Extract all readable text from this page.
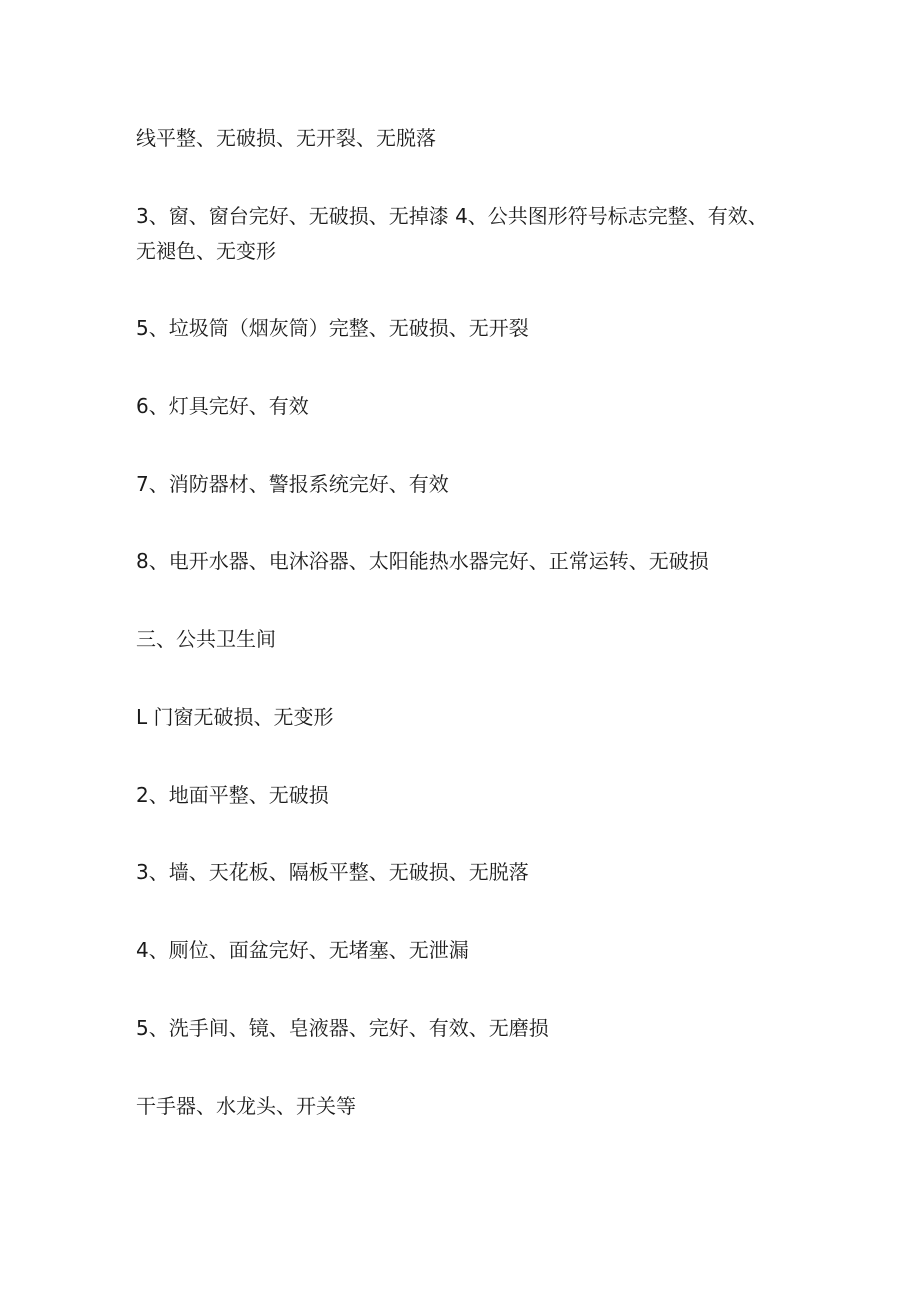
线平整、无破损、无开裂、无脱落

3、窗、窗台完好、无破损、无掉漆 4、公共图形符号标志完整、有效、无褪色、无变形

5、垃圾筒（烟灰筒）完整、无破损、无开裂

6、灯具完好、有效

7、消防器材、警报系统完好、有效

8、电开水器、电沐浴器、太阳能热水器完好、正常运转、无破损

三、公共卫生间

L 门窗无破损、无变形

2、地面平整、无破损

3、墙、天花板、隔板平整、无破损、无脱落

4、厕位、面盆完好、无堵塞、无泄漏

5、洗手间、镜、皂液器、完好、有效、无磨损

干手器、水龙头、开关等
